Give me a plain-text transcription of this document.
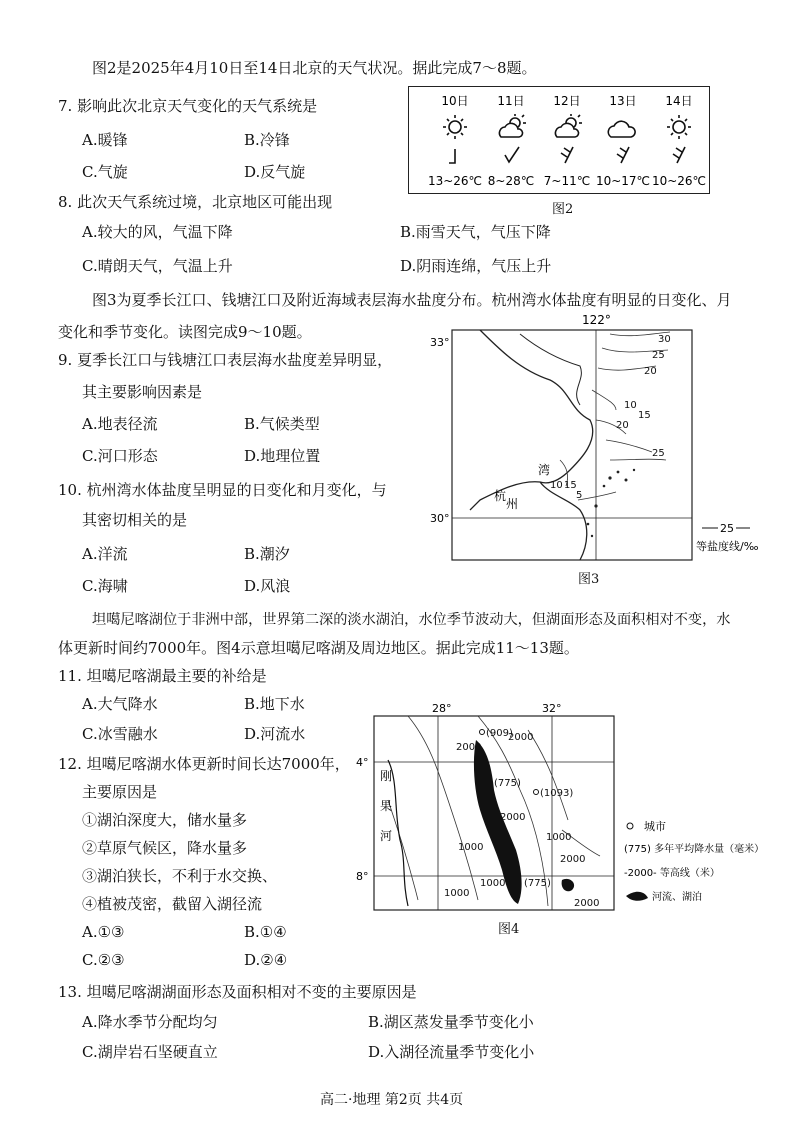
图2是2025年4月10日至14日北京的天气状况。据此完成7～8题。
7. 影响此次北京天气变化的天气系统是
A.暖锋	B.冷锋
C.气旋	D.反气旋
10日 11日 12日 13日 14日
13~26℃ 8~28℃ 7~11℃ 10~17℃ 10~26℃
图2
8. 此次天气系统过境，北京地区可能出现
A.较大的风，气温下降	B.雨雪天气，气压下降
C.晴朗天气，气温上升	D.阴雨连绵，气压上升
图3为夏季长江口、钱塘江口及附近海域表层海水盐度分布。杭州湾水体盐度有明显的日变化、月
变化和季节变化。读图完成9～10题。
9. 夏季长江口与钱塘江口表层海水盐度差异明显，
其主要影响因素是
A.地表径流	B.气候类型
C.河口形态	D.地理位置
10. 杭州湾水体盐度呈明显的日变化和月变化，与
其密切相关的是
A.洋流	B.潮汐
C.海啸	D.风浪
122°
33°
30°
30
25
20
10
15
20
25
10 15
5
湾
杭
州
25
等盐度线/‰
图3
坦噶尼喀湖位于非洲中部，世界第二深的淡水湖泊，水位季节波动大，但湖面形态及面积相对不变，水
体更新时间约7000年。图4示意坦噶尼喀湖及周边地区。据此完成11～13题。
11. 坦噶尼喀湖最主要的补给是
A.大气降水	B.地下水
C.冰雪融水	D.河流水
12. 坦噶尼喀湖水体更新时间长达7000年，
主要原因是
①湖泊深度大，储水量多
②草原气候区，降水量多
③湖泊狭长，不利于水交换、
④植被茂密，截留入湖径流
A.①③	B.①④
C.②③	D.②④
28°	32°
4°
8°
刚
果
河
(909)
(775)
(1093)
(775)
2000
2000
1000
1000
2000
1000
2000
2000
1000
城市
(775) 多年平均降水量（毫米）
-2000- 等高线（米）
河流、湖泊
图4
13. 坦噶尼喀湖湖面形态及面积相对不变的主要原因是
A.降水季节分配均匀	B.湖区蒸发量季节变化小
C.湖岸岩石坚硬直立	D.入湖径流量季节变化小
高二·地理 第2页 共4页
